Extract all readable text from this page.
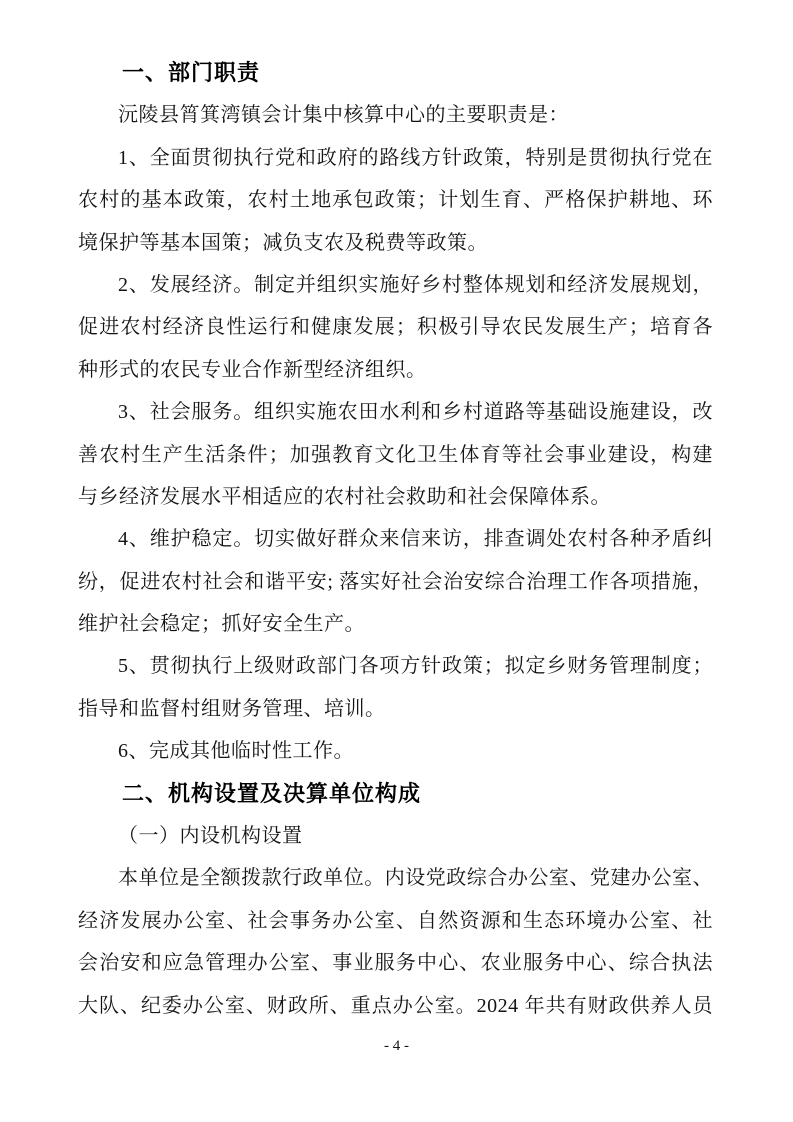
一、部门职责
沅陵县筲箕湾镇会计集中核算中心的主要职责是：
1、全面贯彻执行党和政府的路线方针政策，特别是贯彻执行党在
农村的基本政策，农村土地承包政策；计划生育、严格保护耕地、环
境保护等基本国策；减负支农及税费等政策。
2、发展经济。制定并组织实施好乡村整体规划和经济发展规划，
促进农村经济良性运行和健康发展；积极引导农民发展生产；培育各
种形式的农民专业合作新型经济组织。
3、社会服务。组织实施农田水利和乡村道路等基础设施建设，改
善农村生产生活条件；加强教育文化卫生体育等社会事业建设，构建
与乡经济发展水平相适应的农村社会救助和社会保障体系。
4、维护稳定。切实做好群众来信来访，排查调处农村各种矛盾纠
纷，促进农村社会和谐平安; 落实好社会治安综合治理工作各项措施，
维护社会稳定；抓好安全生产。
5、贯彻执行上级财政部门各项方针政策；拟定乡财务管理制度；
指导和监督村组财务管理、培训。
6、完成其他临时性工作。
二、机构设置及决算单位构成
（一）内设机构设置
本单位是全额拨款行政单位。内设党政综合办公室、党建办公室、
经济发展办公室、社会事务办公室、自然资源和生态环境办公室、社
会治安和应急管理办公室、事业服务中心、农业服务中心、综合执法
大队、纪委办公室、财政所、重点办公室。2024 年共有财政供养人员
- 4 -
